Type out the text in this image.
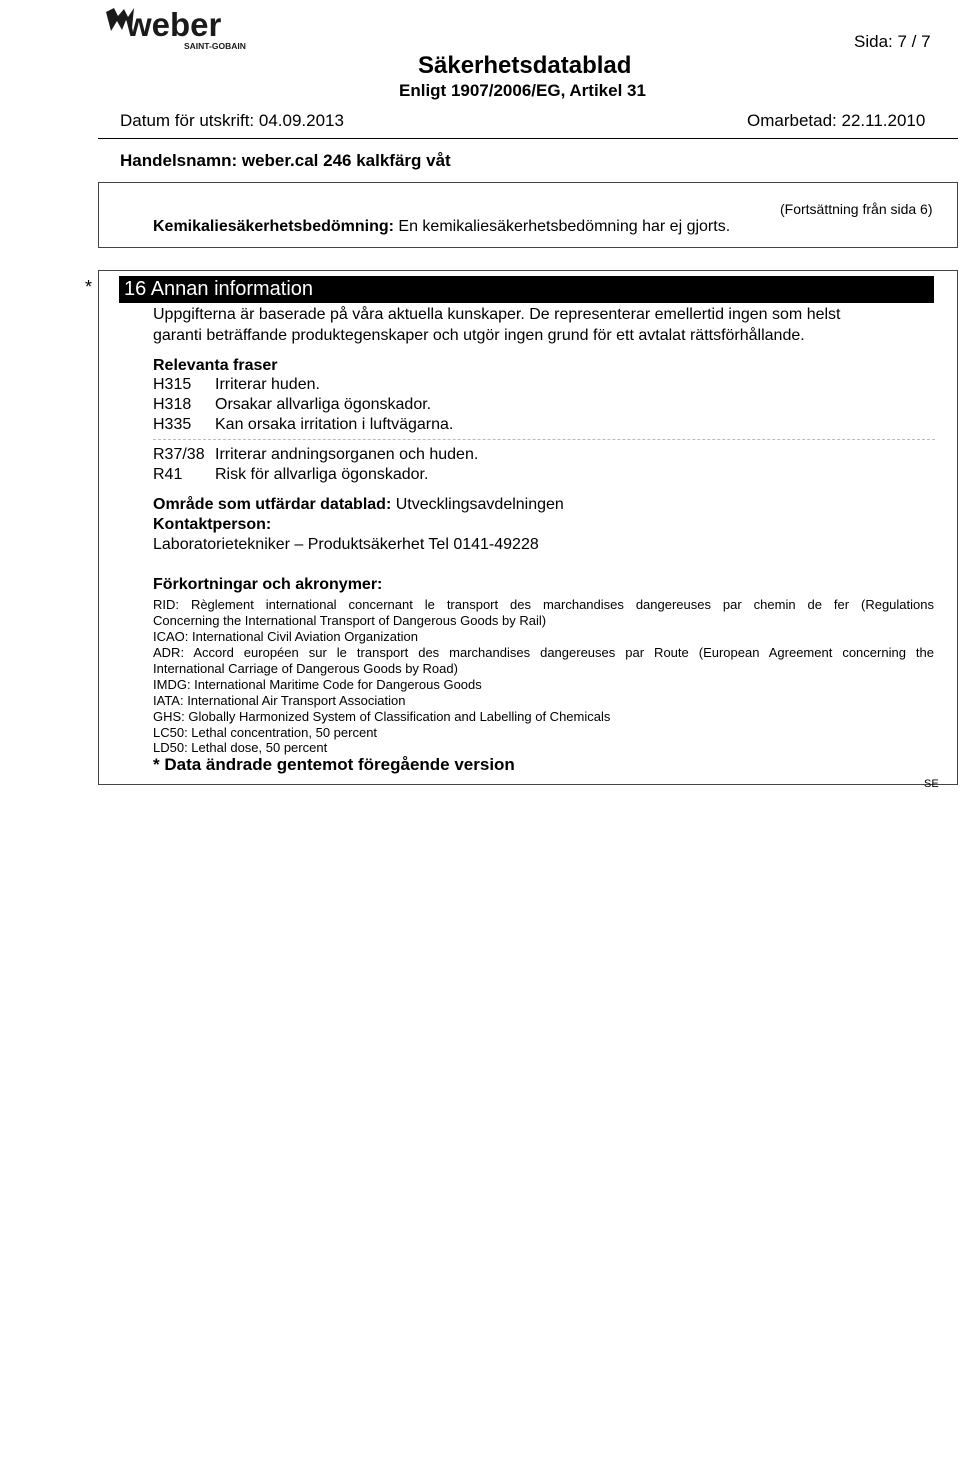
weber
SAINT-GOBAIN	Sida: 7 / 7
Säkerhetsdatablad
Enligt 1907/2006/EG, Artikel 31
Datum för utskrift: 04.09.2013	Omarbetad: 22.11.2010
Handelsnamn: weber.cal 246 kalkfärg våt
(Fortsättning från sida 6)
Kemikaliesäkerhetsbedömning: En kemikaliesäkerhetsbedömning har ej gjorts.
* 16 Annan information
Uppgifterna är baserade på våra aktuella kunskaper. De representerar emellertid ingen som helst
garanti beträffande produktegenskaper och utgör ingen grund för ett avtalat rättsförhållande.
Relevanta fraser
H315 Irriterar huden.
H318 Orsakar allvarliga ögonskador.
H335 Kan orsaka irritation i luftvägarna.
R37/38 Irriterar andningsorganen och huden.
R41 Risk för allvarliga ögonskador.
Område som utfärdar datablad: Utvecklingsavdelningen
Kontaktperson:
Laboratorietekniker – Produktsäkerhet Tel 0141-49228
Förkortningar och akronymer:
RID: Règlement international concernant le transport des marchandises dangereuses par chemin de fer (Regulations
Concerning the International Transport of Dangerous Goods by Rail)
ICAO: International Civil Aviation Organization
ADR: Accord européen sur le transport des marchandises dangereuses par Route (European Agreement concerning the
International Carriage of Dangerous Goods by Road)
IMDG: International Maritime Code for Dangerous Goods
IATA: International Air Transport Association
GHS: Globally Harmonized System of Classification and Labelling of Chemicals
LC50: Lethal concentration, 50 percent
LD50: Lethal dose, 50 percent
* Data ändrade gentemot föregående version
SE
